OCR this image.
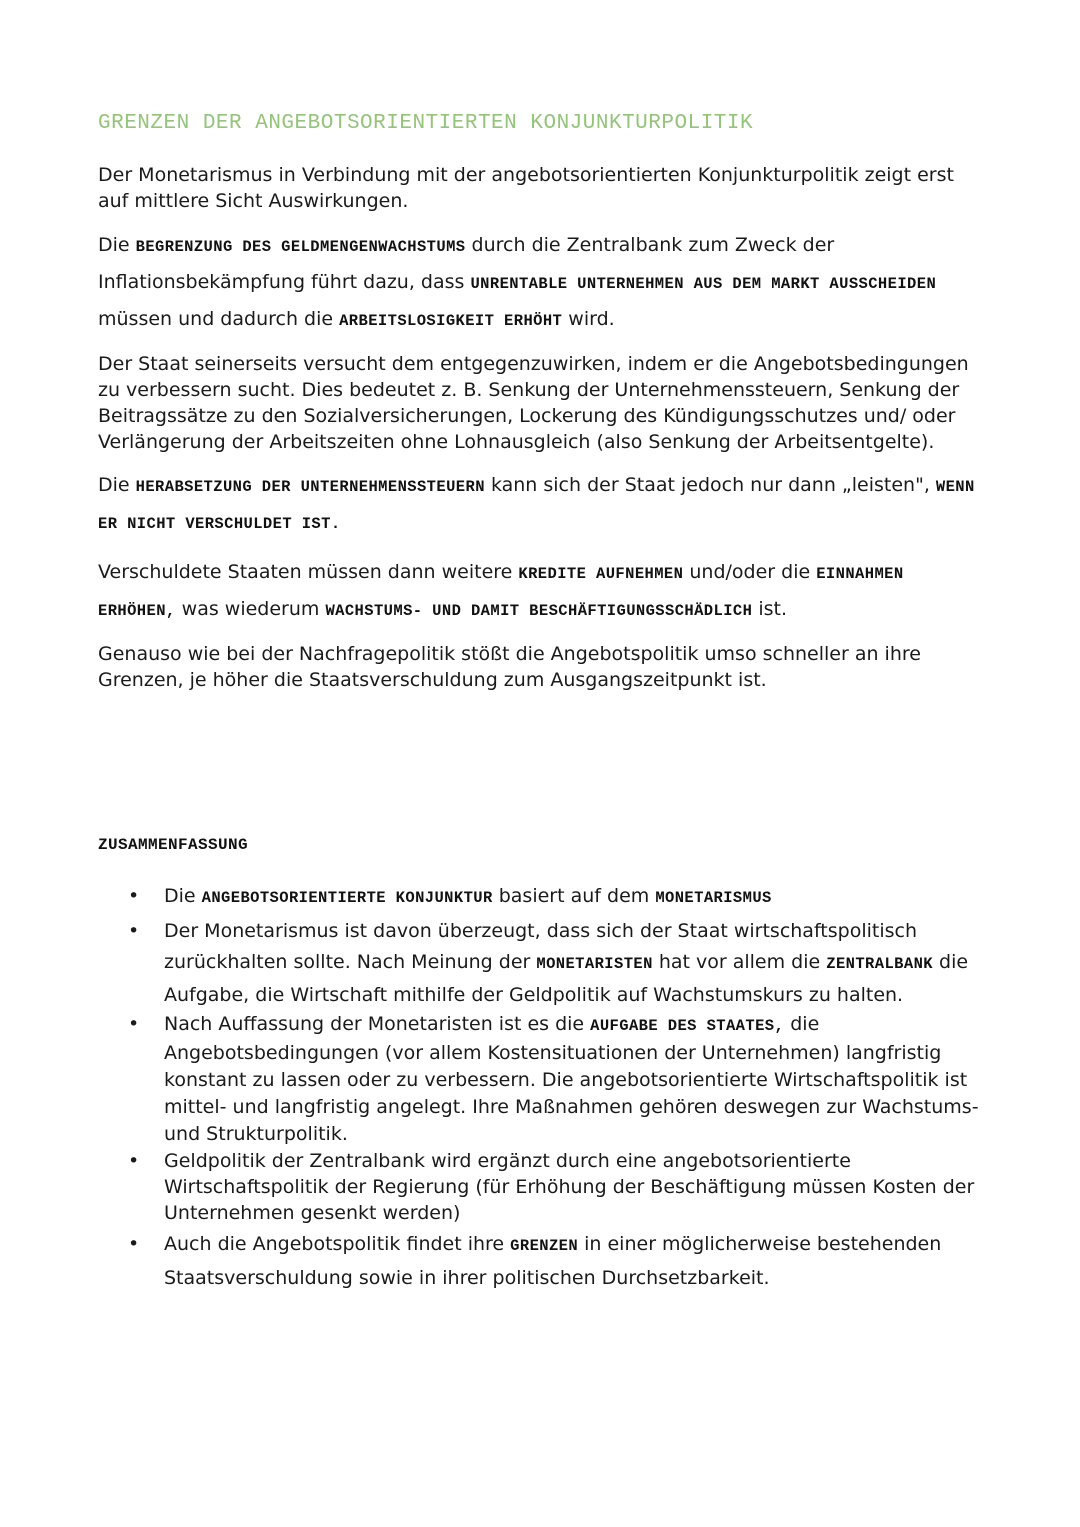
GRENZEN DER ANGEBOTSORIENTIERTEN KONJUNKTURPOLITIK

Der Monetarismus in Verbindung mit der angebotsorientierten Konjunkturpolitik zeigt erst auf mittlere Sicht Auswirkungen.

Die BEGRENZUNG DES GELDMENGENWACHSTUMS durch die Zentralbank zum Zweck der Inflationsbekämpfung führt dazu, dass UNRENTABLE UNTERNEHMEN AUS DEM MARKT AUSSCHEIDEN müssen und dadurch die ARBEITSLOSIGKEIT ERHÖHT wird.

Der Staat seinerseits versucht dem entgegenzuwirken, indem er die Angebotsbedingungen zu verbessern sucht. Dies bedeutet z. B. Senkung der Unternehmenssteuern, Senkung der Beitragssätze zu den Sozialversicherungen, Lockerung des Kündigungsschutzes und/ oder Verlängerung der Arbeitszeiten ohne Lohnausgleich (also Senkung der Arbeitsentgelte).

Die HERABSETZUNG DER UNTERNEHMENSSTEUERN kann sich der Staat jedoch nur dann „leisten", WENN ER NICHT VERSCHULDET IST.

Verschuldete Staaten müssen dann weitere KREDITE AUFNEHMEN und/oder die EINNAHMEN ERHÖHEN, was wiederum WACHSTUMS- UND DAMIT BESCHÄFTIGUNGSSCHÄDLICH ist.

Genauso wie bei der Nachfragepolitik stößt die Angebotspolitik umso schneller an ihre Grenzen, je höher die Staatsverschuldung zum Ausgangszeitpunkt ist.

ZUSAMMENFASSUNG
• Die ANGEBOTSORIENTIERTE KONJUNKTUR basiert auf dem MONETARISMUS
• Der Monetarismus ist davon überzeugt, dass sich der Staat wirtschaftspolitisch zurückhalten sollte. Nach Meinung der MONETARISTEN hat vor allem die ZENTRALBANK die Aufgabe, die Wirtschaft mithilfe der Geldpolitik auf Wachstumskurs zu halten.
• Nach Auffassung der Monetaristen ist es die AUFGABE DES STAATES, die Angebotsbedingungen (vor allem Kostensituationen der Unternehmen) langfristig konstant zu lassen oder zu verbessern. Die angebotsorientierte Wirtschaftspolitik ist mittel- und langfristig angelegt. Ihre Maßnahmen gehören deswegen zur Wachstums- und Strukturpolitik.
• Geldpolitik der Zentralbank wird ergänzt durch eine angebotsorientierte Wirtschaftspolitik der Regierung (für Erhöhung der Beschäftigung müssen Kosten der Unternehmen gesenkt werden)
• Auch die Angebotspolitik findet ihre GRENZEN in einer möglicherweise bestehenden Staatsverschuldung sowie in ihrer politischen Durchsetzbarkeit.
